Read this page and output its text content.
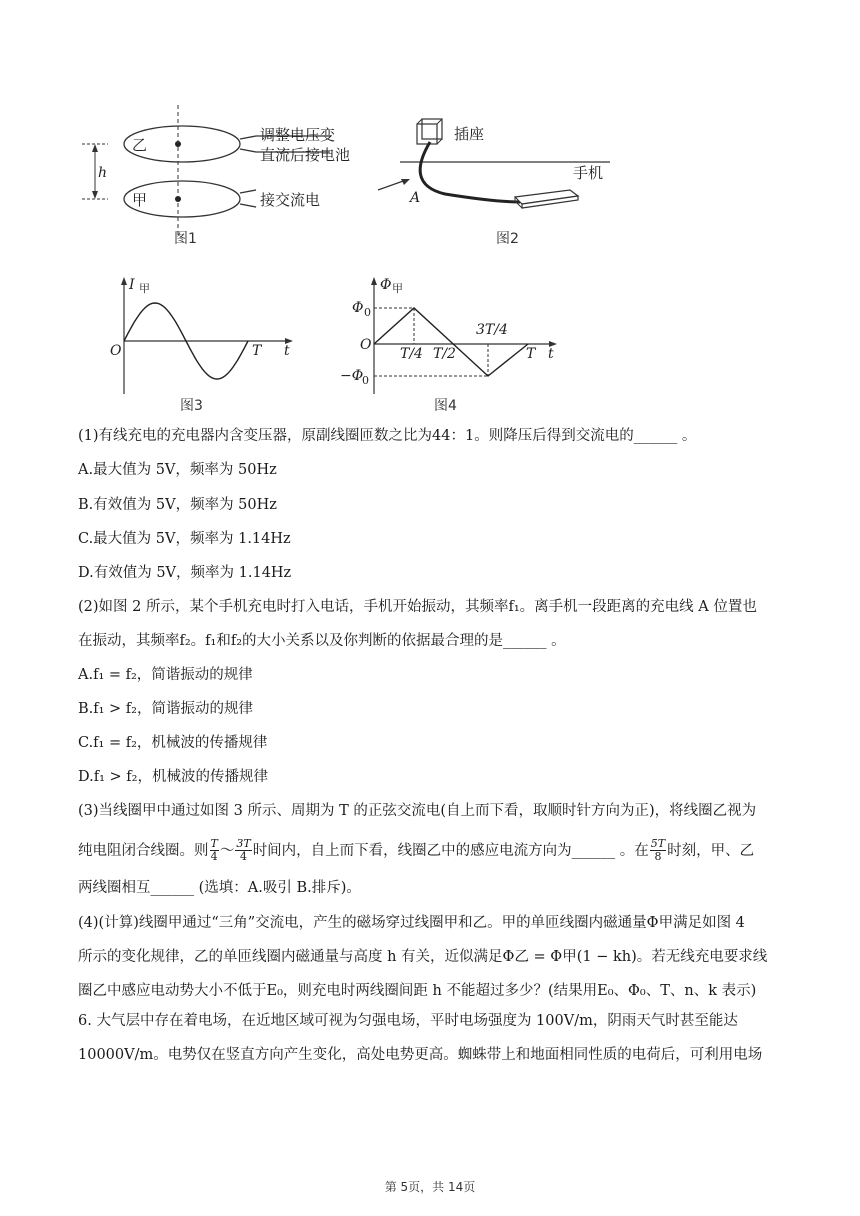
h
乙
甲
调整电压变
直流后接电池
接交流电
图1
插座
手机
A
图2
I 甲
O	T t
图3
Φ 甲
O
Φ 0
−Φ
0
T/4 T/2
3T/4
T t
图4
(1)有线充电的充电器内含变压器，原副线圈匝数之比为44：1。则降压后得到交流电的______ 。
A.最大值为 5V，频率为 50Hz
B.有效值为 5V，频率为 50Hz
C.最大值为 5V，频率为 1.14Hz
D.有效值为 5V，频率为 1.14Hz
(2)如图 2 所示，某个手机充电时打入电话，手机开始振动，其频率f₁。离手机一段距离的充电线 A 位置也
在振动，其频率f₂。f₁和f₂的大小关系以及你判断的依据最合理的是______ 。
A.f₁ = f₂，简谐振动的规律
B.f₁ > f₂，简谐振动的规律
C.f₁ = f₂，机械波的传播规律
D.f₁ > f₂，机械波的传播规律
(3)当线圈甲中通过如图 3 所示、周期为 T 的正弦交流电(自上而下看，取顺时针方向为正)，将线圈乙视为
纯电阻闭合线圈。则 T
4 ～ 3T
4 时间内，自上而下看，线圈乙中的感应电流方向为______ 。在 5T
8 时刻，甲、乙
两线圈相互______ (选填：A.吸引 B.排斥)。
(4)(计算)线圈甲通过“三角”交流电，产生的磁场穿过线圈甲和乙。甲的单匝线圈内磁通量Φ甲满足如图 4
所示的变化规律，乙的单匝线圈内磁通量与高度 h 有关，近似满足Φ乙 = Φ甲(1 − kh)。若无线充电要求线
圈乙中感应电动势大小不低于E₀，则充电时两线圈间距 h 不能超过多少？(结果用E₀、Φ₀、T、n、k 表示)
6. 大气层中存在着电场，在近地区域可视为匀强电场，平时电场强度为 100V/m，阴雨天气时甚至能达
10000V/m。电势仅在竖直方向产生变化，高处电势更高。蜘蛛带上和地面相同性质的电荷后，可利用电场
第 5页，共 14页
